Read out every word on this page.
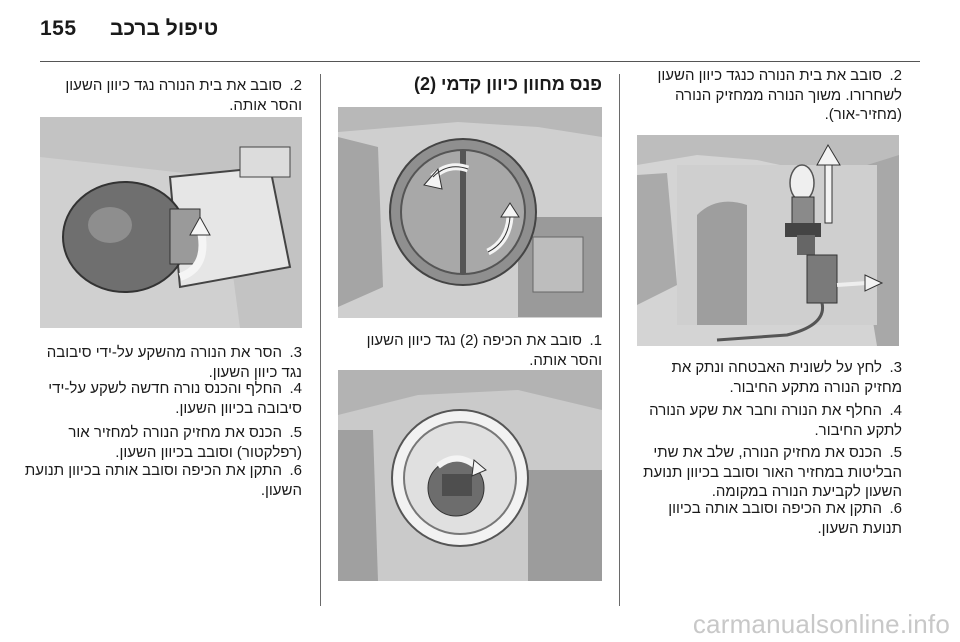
155 טיפול ברכב
2.סובב את בית הנורה כנגד כיוון השעון לשחרורו. משוך הנורה ממחזיק הנורה (מחזיר-אור).
3.לחץ על לשונית האבטחה ונתק את מחזיק הנורה מתקע החיבור.
4.החלף את הנורה וחבר את שקע הנורה לתקע החיבור.
5.הכנס את מחזיק הנורה, שלב את שתי הבליטות במחזיר האור וסובב בכיוון תנועת השעון לקביעת הנורה במקומה.
6.התקן את הכיפה וסובב אותה בכיוון תנועת השעון.
פנס מחוון כיוון קדמי (2)
1.סובב את הכיפה (2) נגד כיוון השעון והסר אותה.
2.סובב את בית הנורה נגד כיוון השעון והסר אותה.
3.הסר את הנורה מהשקע על-ידי סיבובה נגד כיוון השעון.
4.החלף והכנס נורה חדשה לשקע על-ידי סיבובה בכיוון השעון.
5.הכנס את מחזיק הנורה למחזיר אור (רפלקטור) וסובב בכיוון השעון.
6.התקן את הכיפה וסובב אותה בכיוון תנועת השעון.
carmanualsonline.info
